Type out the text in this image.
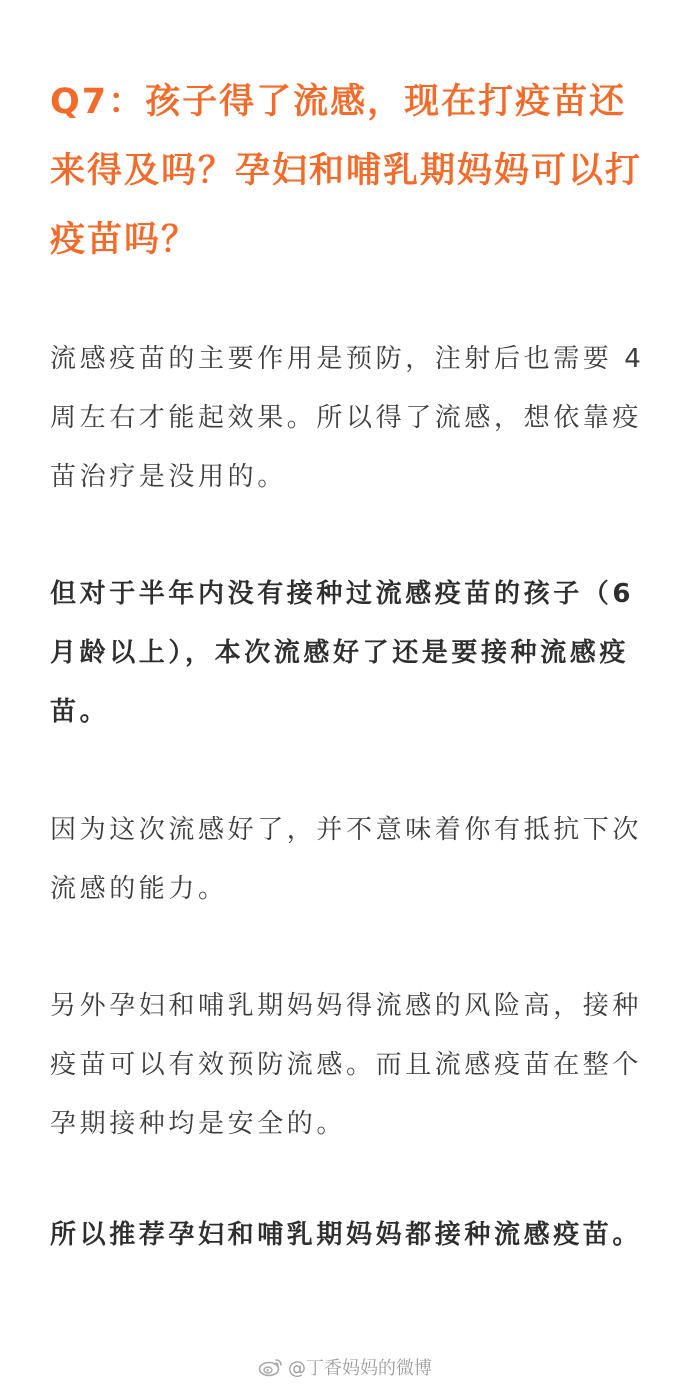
Q7：孩子得了流感，现在打疫苗还来得及吗？孕妇和哺乳期妈妈可以打疫苗吗？

流感疫苗的主要作用是预防，注射后也需要 4 周左右才能起效果。所以得了流感，想依靠疫苗治疗是没用的。

但对于半年内没有接种过流感疫苗的孩子（6 月龄以上），本次流感好了还是要接种流感疫苗。

因为这次流感好了，并不意味着你有抵抗下次流感的能力。

另外孕妇和哺乳期妈妈得流感的风险高，接种疫苗可以有效预防流感。而且流感疫苗在整个孕期接种均是安全的。

所以推荐孕妇和哺乳期妈妈都接种流感疫苗。

@丁香妈妈的微博
